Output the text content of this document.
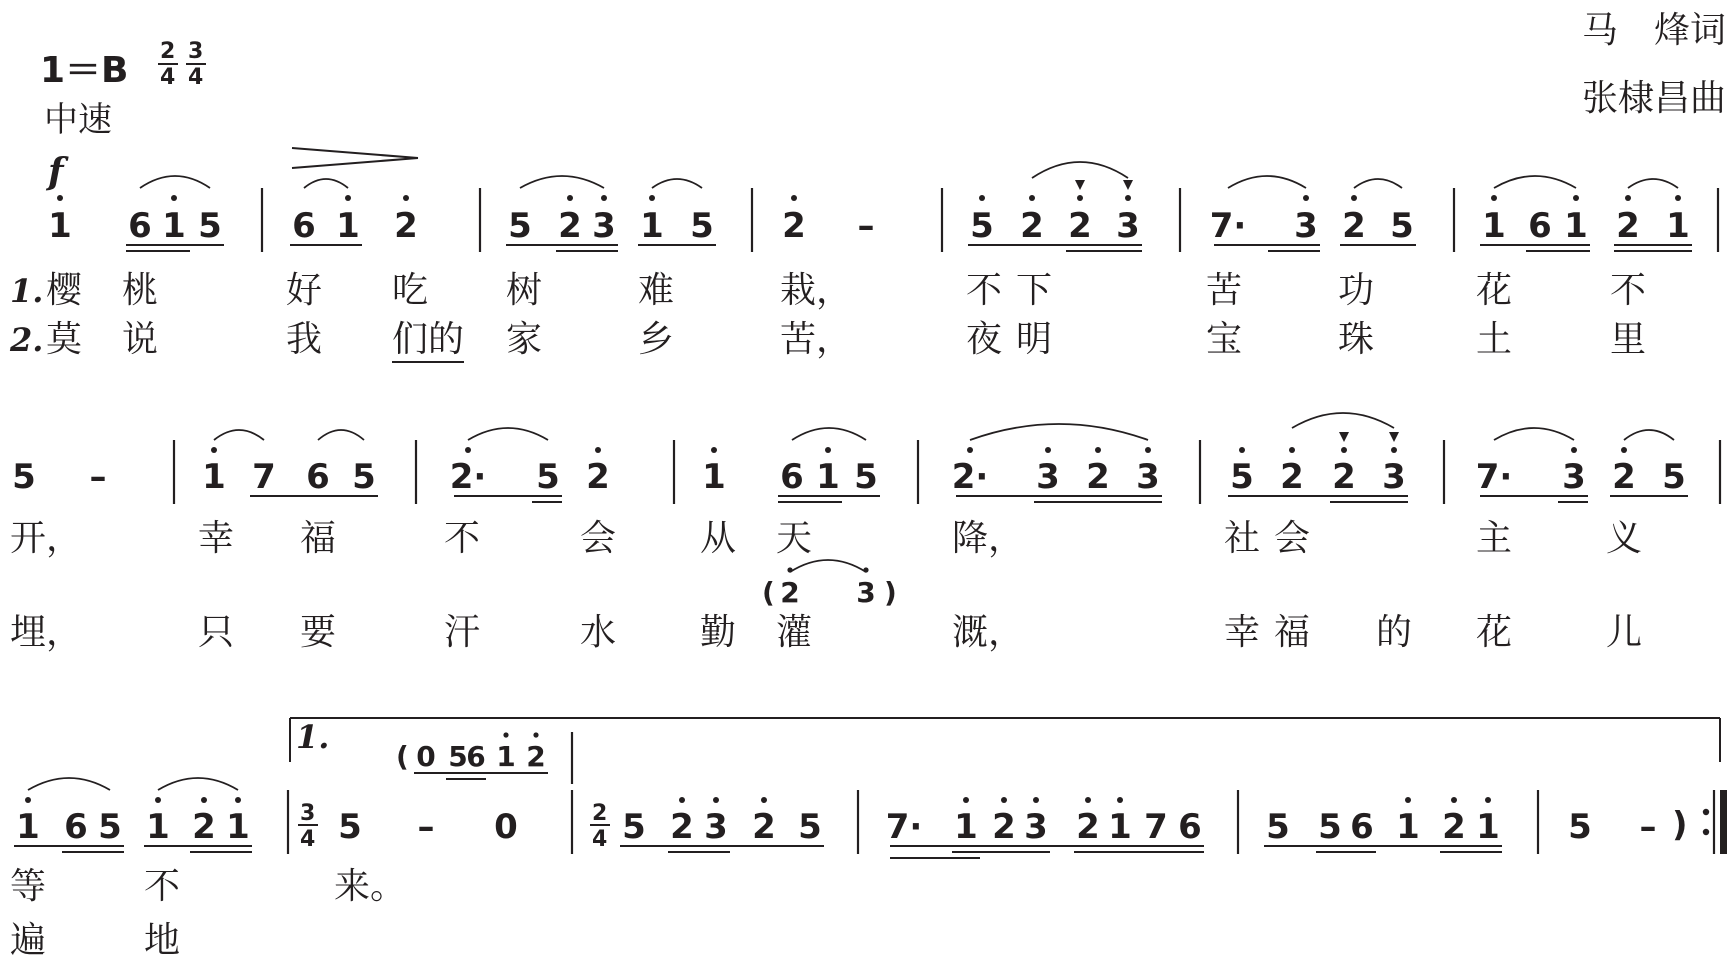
1＝B 2
4
3
4
中速
f
马　烽词
张棣昌曲
1 6 1 5 6 1 2	5 2 3 1 5 2 –	5 2 2 3 7· 3 2 5 1 6 1 2 1
1.
2.
樱 桃	好 吃 树	难	栽，	不 下	苦	功	花	不
莫 说	我 们的 家	乡	苦，	夜 明	宝	珠	土	里
5 –	1 7 6 5 2· 5 2	1 6 1 5 2· 3 2 3 5 2 2 3 7· 3 2 5
开，	幸 福	不	会 从 天	降，	社 会	主	义
( 2 3 )
埋，	只 要	汗	水 勤 灌	溉，	幸 福 的 花	儿
1.
( 0 5
6 1 2
1 6 5 1 2 1	5 – 0	5 2 3 2 5 7· 1 2 3 2 1 7 6 5 5 6 1 2 1 5 – )
3
4
2
4
等	不	来。
遍	地
